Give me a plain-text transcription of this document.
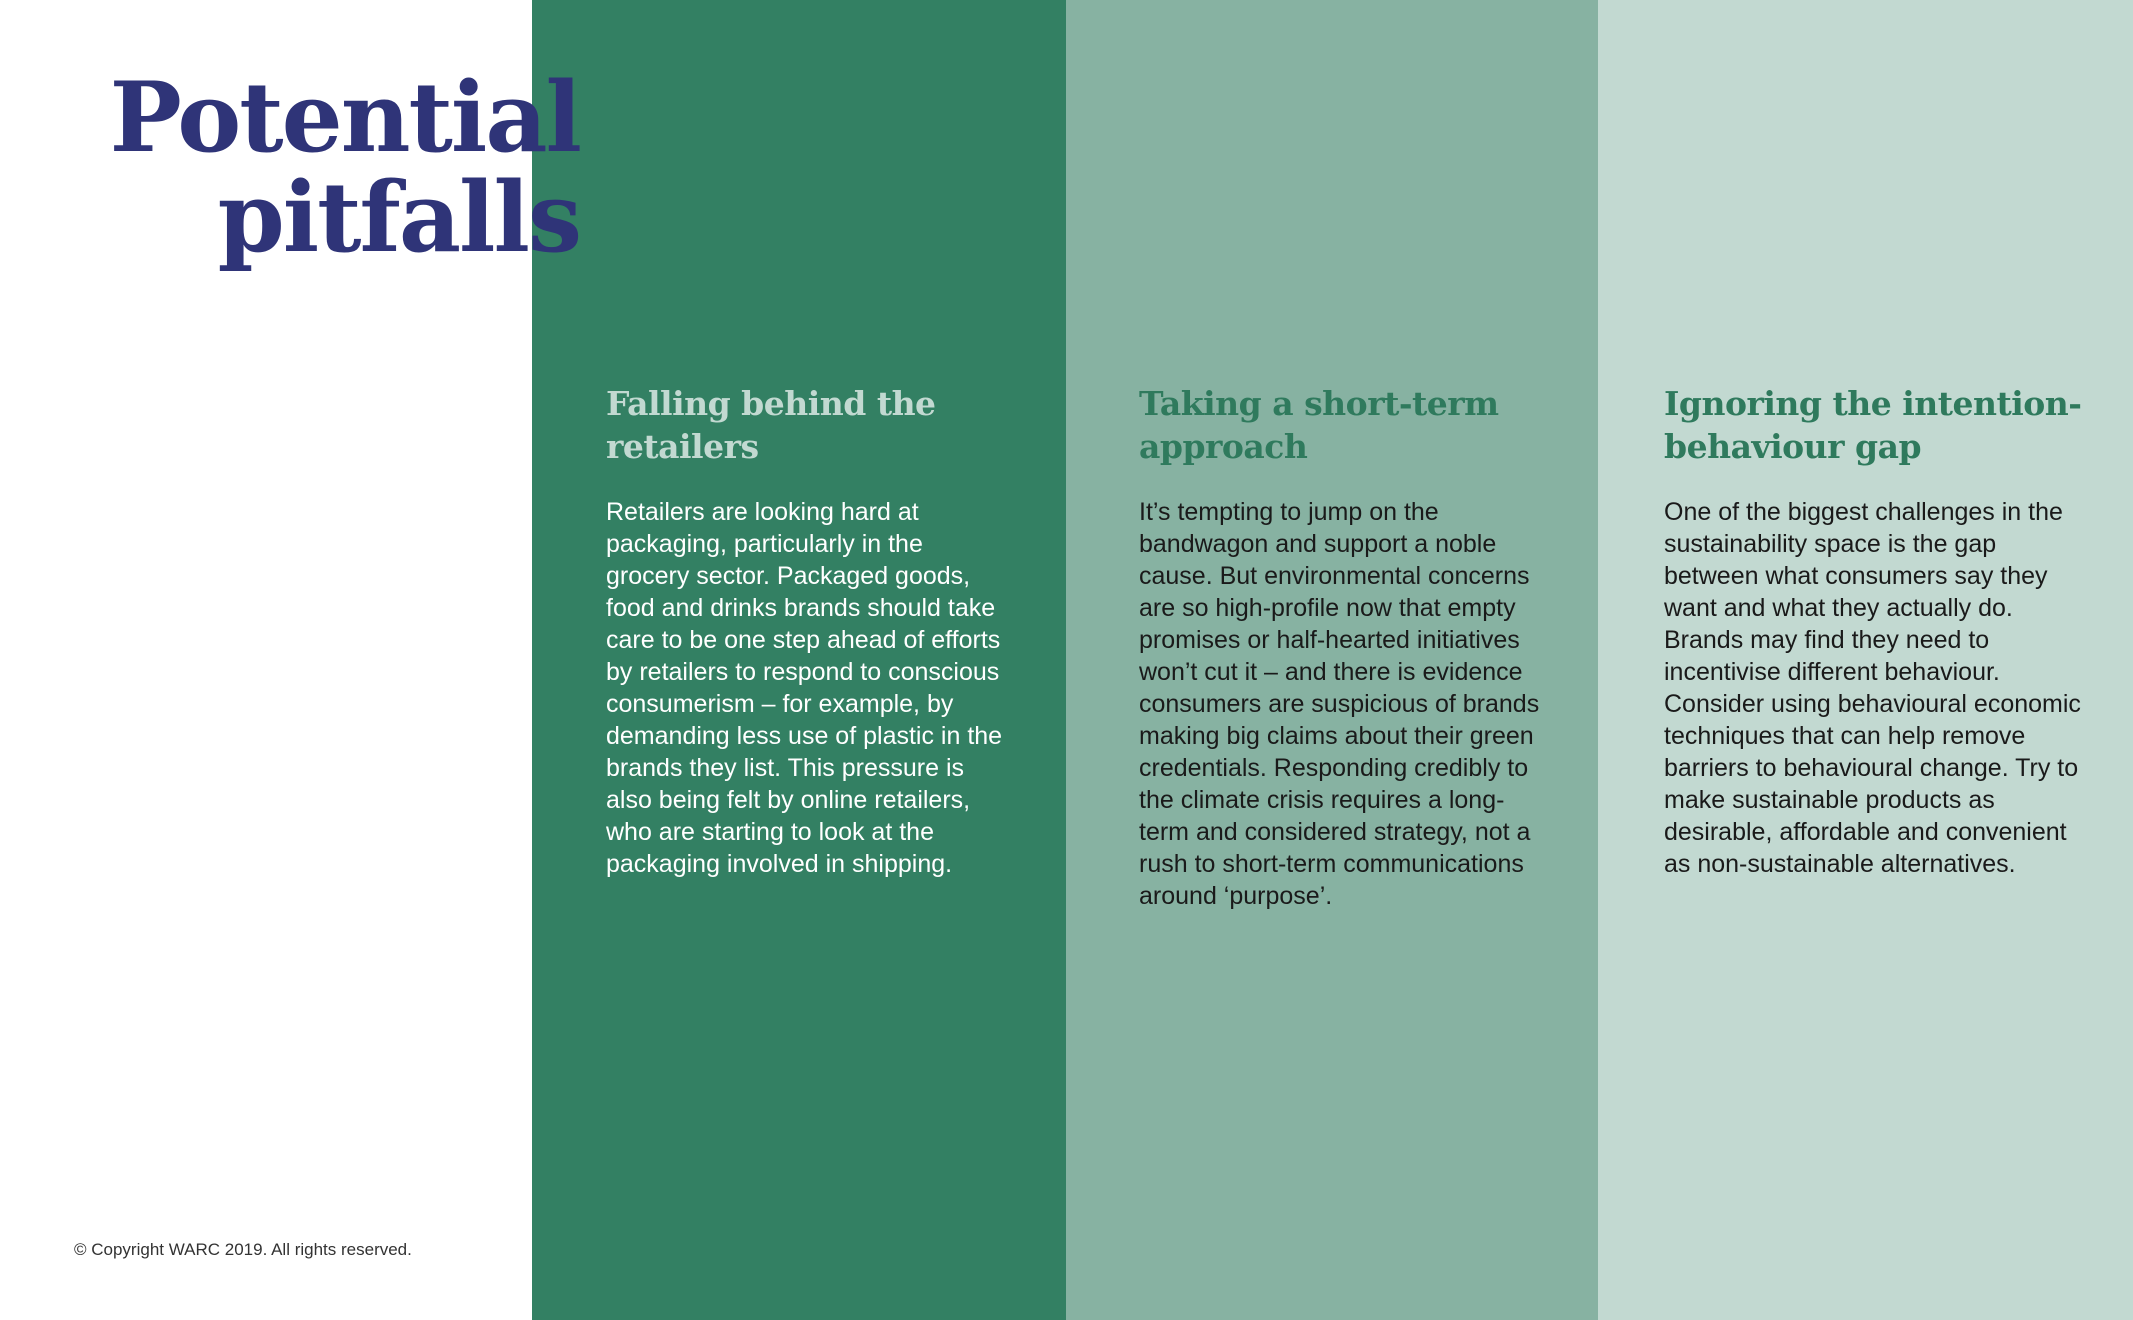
Potential pitfalls
Falling behind the retailers

Retailers are looking hard at packaging, particularly in the grocery sector. Packaged goods, food and drinks brands should take care to be one step ahead of efforts by retailers to respond to conscious consumerism – for example, by demanding less use of plastic in the brands they list. This pressure is also being felt by online retailers, who are starting to look at the packaging involved in shipping.

Taking a short-term approach

It’s tempting to jump on the bandwagon and support a noble cause. But environmental concerns are so high-profile now that empty promises or half-hearted initiatives won’t cut it – and there is evidence consumers are suspicious of brands making big claims about their green credentials. Responding credibly to the climate crisis requires a long-term and considered strategy, not a rush to short-term communications around ‘purpose’.

Ignoring the intention-behaviour gap

One of the biggest challenges in the sustainability space is the gap between what consumers say they want and what they actually do. Brands may find they need to incentivise different behaviour. Consider using behavioural economic techniques that can help remove barriers to behavioural change. Try to make sustainable products as desirable, affordable and convenient as non-sustainable alternatives.

© Copyright WARC 2019. All rights reserved.
